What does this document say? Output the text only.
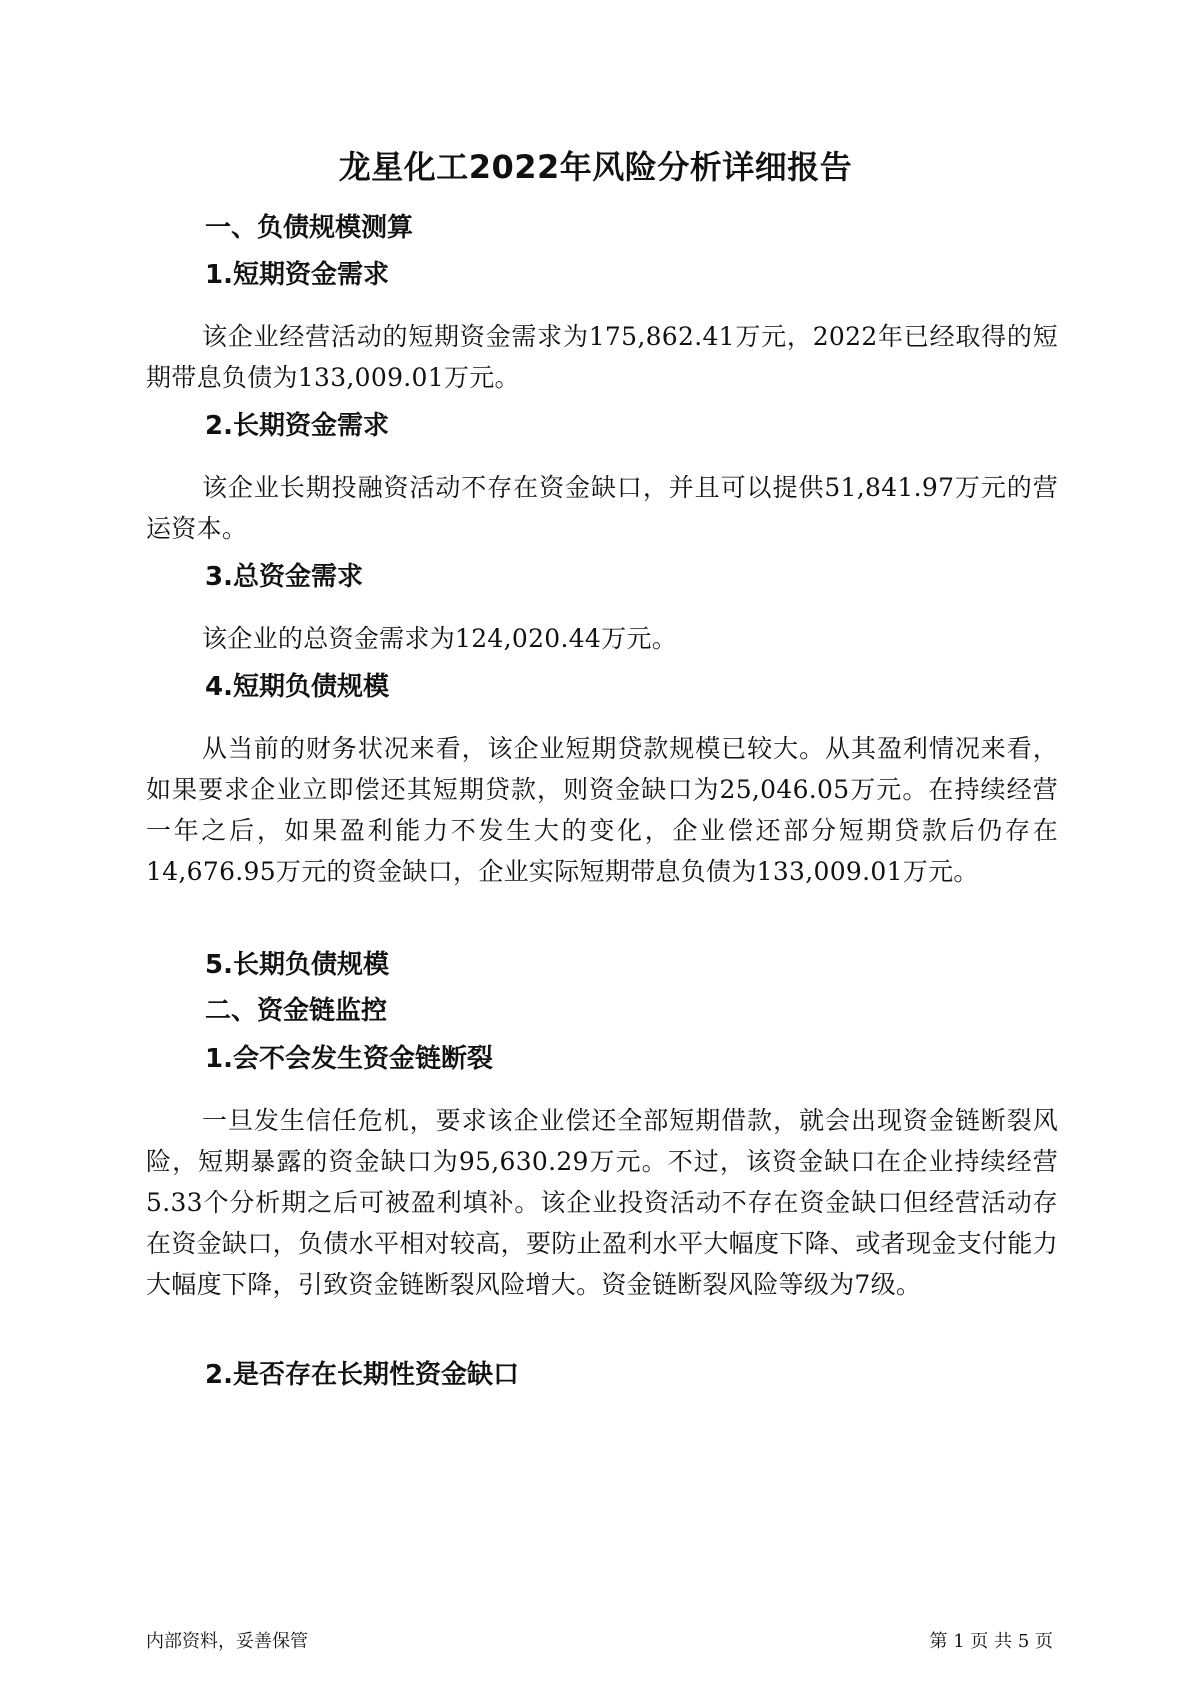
龙星化工2022年风险分析详细报告
一、负债规模测算
1.短期资金需求
该企业经营活动的短期资金需求为175,862.41万元，2022年已经取得的短期带息负债为133,009.01万元。
2.长期资金需求
该企业长期投融资活动不存在资金缺口，并且可以提供51,841.97万元的营运资本。
3.总资金需求
该企业的总资金需求为124,020.44万元。
4.短期负债规模
从当前的财务状况来看，该企业短期贷款规模已较大。从其盈利情况来看，如果要求企业立即偿还其短期贷款，则资金缺口为25,046.05万元。在持续经营一年之后，如果盈利能力不发生大的变化，企业偿还部分短期贷款后仍存在14,676.95万元的资金缺口，企业实际短期带息负债为133,009.01万元。
5.长期负债规模
二、资金链监控
1.会不会发生资金链断裂
一旦发生信任危机，要求该企业偿还全部短期借款，就会出现资金链断裂风险，短期暴露的资金缺口为95,630.29万元。不过，该资金缺口在企业持续经营 5.33个分析期之后可被盈利填补。该企业投资活动不存在资金缺口但经营活动存在资金缺口，负债水平相对较高，要防止盈利水平大幅度下降、或者现金支付能力大幅度下降，引致资金链断裂风险增大。资金链断裂风险等级为7级。
2.是否存在长期性资金缺口
内部资料，妥善保管	第 1 页 共 5 页
